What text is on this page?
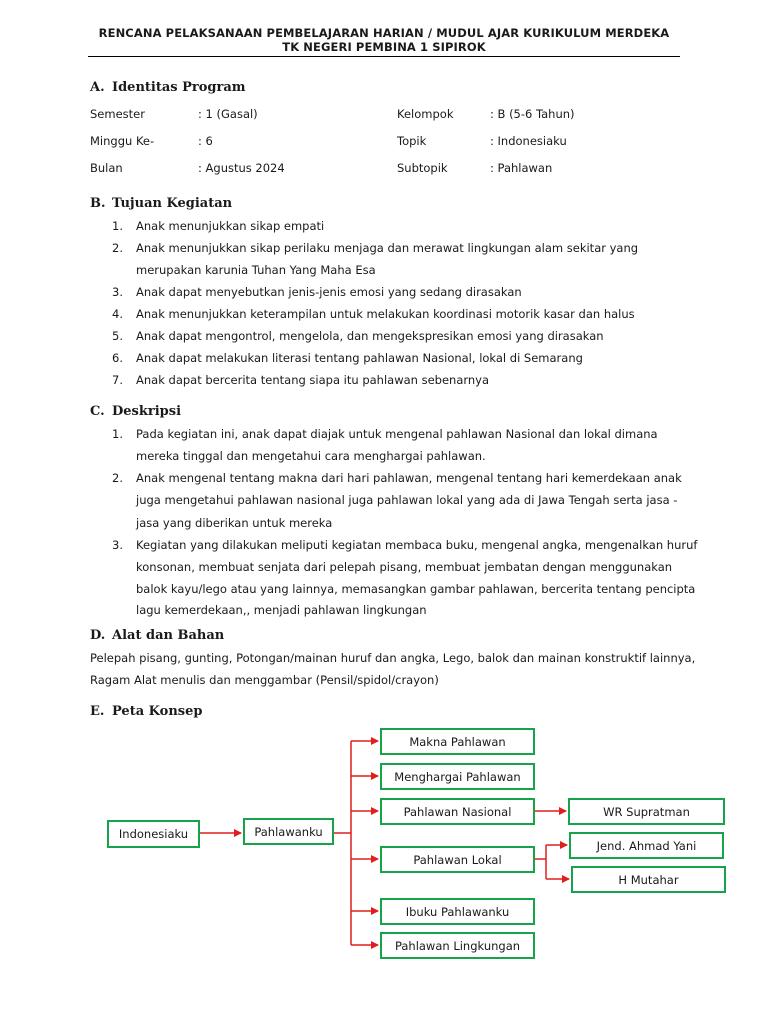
RENCANA PELAKSANAAN PEMBELAJARAN HARIAN / MUDUL AJAR KURIKULUM MERDEKA
TK NEGERI PEMBINA 1 SIPIROK
A. Identitas Program
Semester	: 1 (Gasal)	Kelompok	: B (5-6 Tahun)
Minggu Ke-	: 6	Topik	: Indonesiaku
Bulan	: Agustus 2024	Subtopik	: Pahlawan
B. Tujuan Kegiatan
1. Anak menunjukkan sikap empati
2. Anak menunjukkan sikap perilaku menjaga dan merawat lingkungan alam sekitar yang
merupakan karunia Tuhan Yang Maha Esa
3. Anak dapat menyebutkan jenis-jenis emosi yang sedang dirasakan
4. Anak menunjukkan keterampilan untuk melakukan koordinasi motorik kasar dan halus
5. Anak dapat mengontrol, mengelola, dan mengekspresikan emosi yang dirasakan
6. Anak dapat melakukan literasi tentang pahlawan Nasional, lokal di Semarang
7. Anak dapat bercerita tentang siapa itu pahlawan sebenarnya
C. Deskripsi
1. Pada kegiatan ini, anak dapat diajak untuk mengenal pahlawan Nasional dan lokal dimana
mereka tinggal dan mengetahui cara menghargai pahlawan.
2. Anak mengenal tentang makna dari hari pahlawan, mengenal tentang hari kemerdekaan anak
juga mengetahui pahlawan nasional juga pahlawan lokal yang ada di Jawa Tengah serta jasa -
jasa yang diberikan untuk mereka
3. Kegiatan yang dilakukan meliputi kegiatan membaca buku, mengenal angka, mengenalkan huruf
konsonan, membuat senjata dari pelepah pisang, membuat jembatan dengan menggunakan
balok kayu/lego atau yang lainnya, memasangkan gambar pahlawan, bercerita tentang pencipta
lagu kemerdekaan,, menjadi pahlawan lingkungan
D. Alat dan Bahan
Pelepah pisang, gunting, Potongan/mainan huruf dan angka, Lego, balok dan mainan konstruktif lainnya,
Ragam Alat menulis dan menggambar (Pensil/spidol/crayon)
E. Peta Konsep
Indonesiaku	Pahlawanku
Makna Pahlawan
Menghargai Pahlawan
Pahlawan Nasional
Pahlawan Lokal
Ibuku Pahlawanku
Pahlawan Lingkungan
WR Supratman
Jend. Ahmad Yani
H Mutahar
